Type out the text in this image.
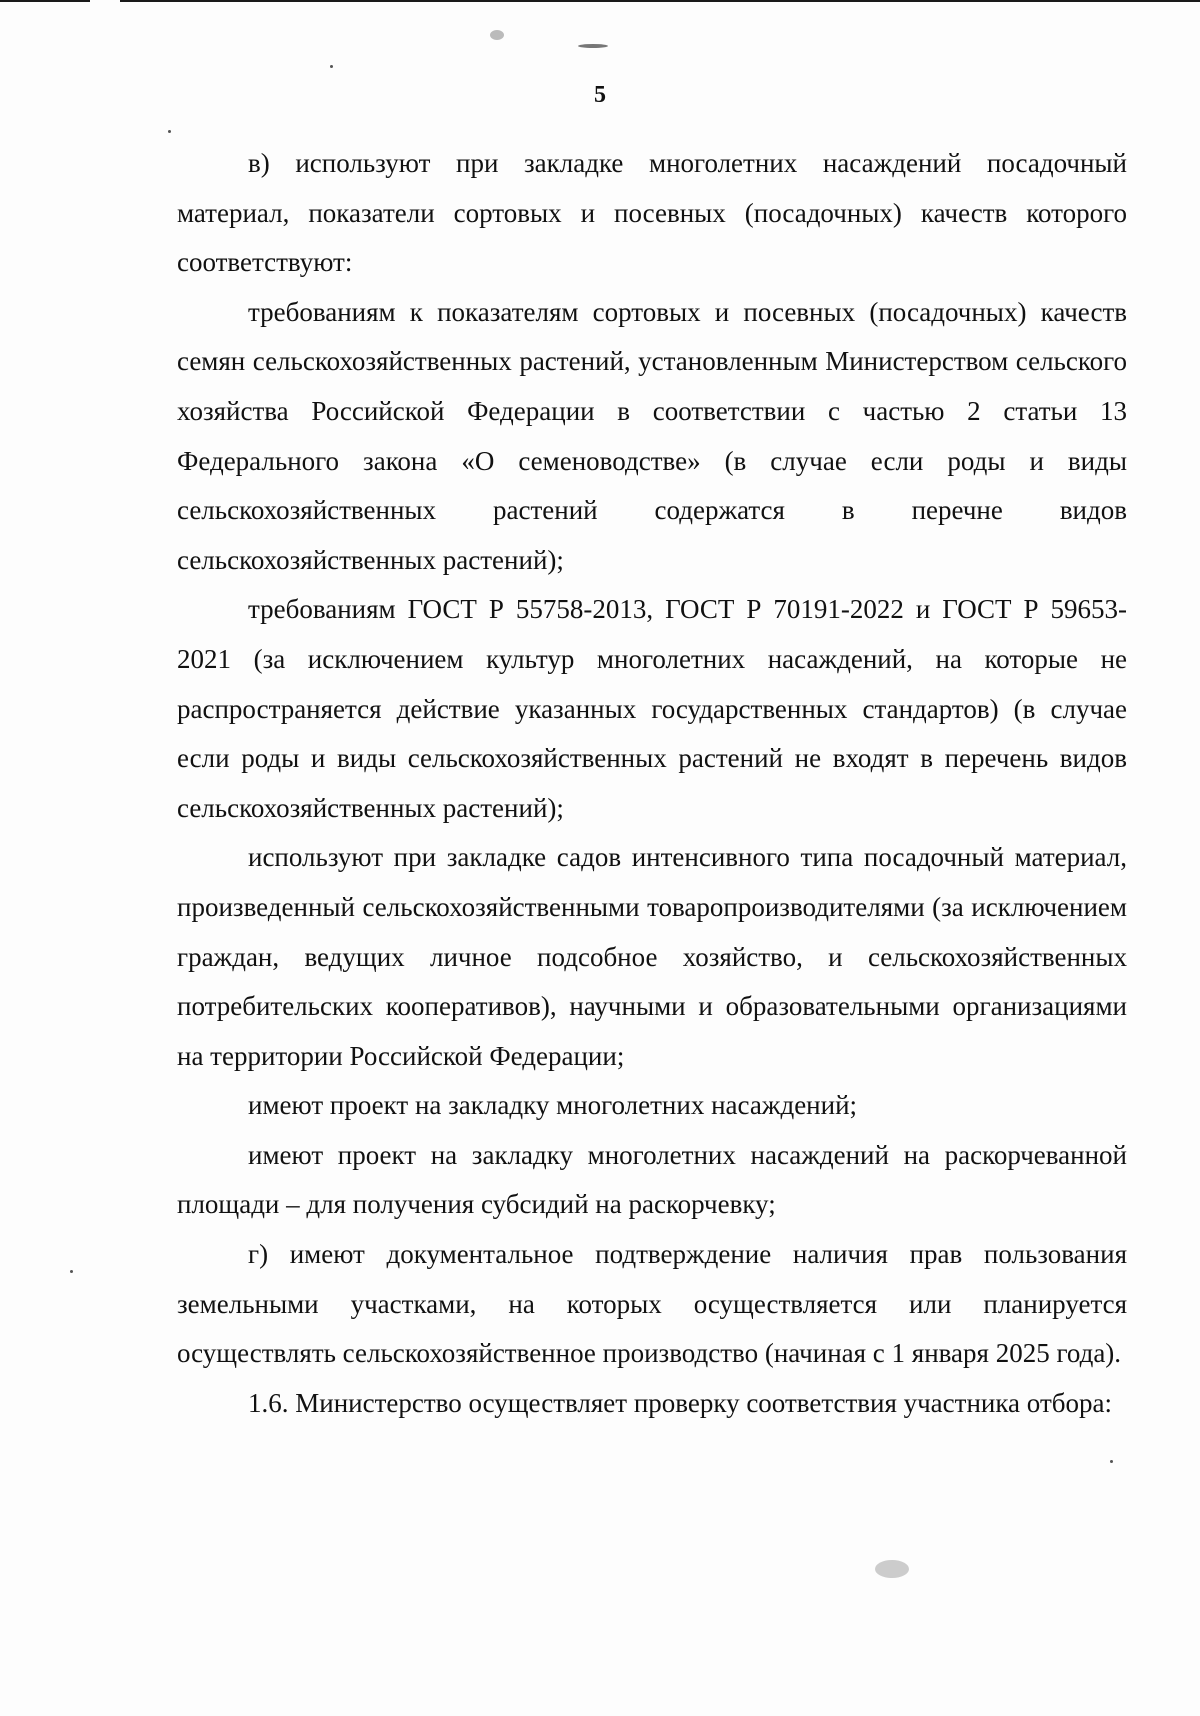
5

в) используют при закладке многолетних насаждений посадочный материал, показатели сортовых и посевных (посадочных) качеств которого соответствуют:

требованиям к показателям сортовых и посевных (посадочных) качеств семян сельскохозяйственных растений, установленным Министерством сельского хозяйства Российской Федерации в соответствии с частью 2 статьи 13 Федерального закона «О семеноводстве» (в случае если роды и виды сельскохозяйственных растений содержатся в перечне видов сельскохозяйственных растений);

требованиям ГОСТ Р 55758-2013, ГОСТ Р 70191-2022 и ГОСТ Р 59653-2021 (за исключением культур многолетних насаждений, на которые не распространяется действие указанных государственных стандартов) (в случае если роды и виды сельскохозяйственных растений не входят в перечень видов сельскохозяйственных растений);

используют при закладке садов интенсивного типа посадочный материал, произведенный сельскохозяйственными товаропроизводителями (за исключением граждан, ведущих личное подсобное хозяйство, и сельскохозяйственных потребительских кооперативов), научными и образовательными организациями на территории Российской Федерации;

имеют проект на закладку многолетних насаждений;

имеют проект на закладку многолетних насаждений на раскорчеванной площади – для получения субсидий на раскорчевку;

г) имеют документальное подтверждение наличия прав пользования земельными участками, на которых осуществляется или планируется осуществлять сельскохозяйственное производство (начиная с 1 января 2025 года).

1.6. Министерство осуществляет проверку соответствия участника отбора:
